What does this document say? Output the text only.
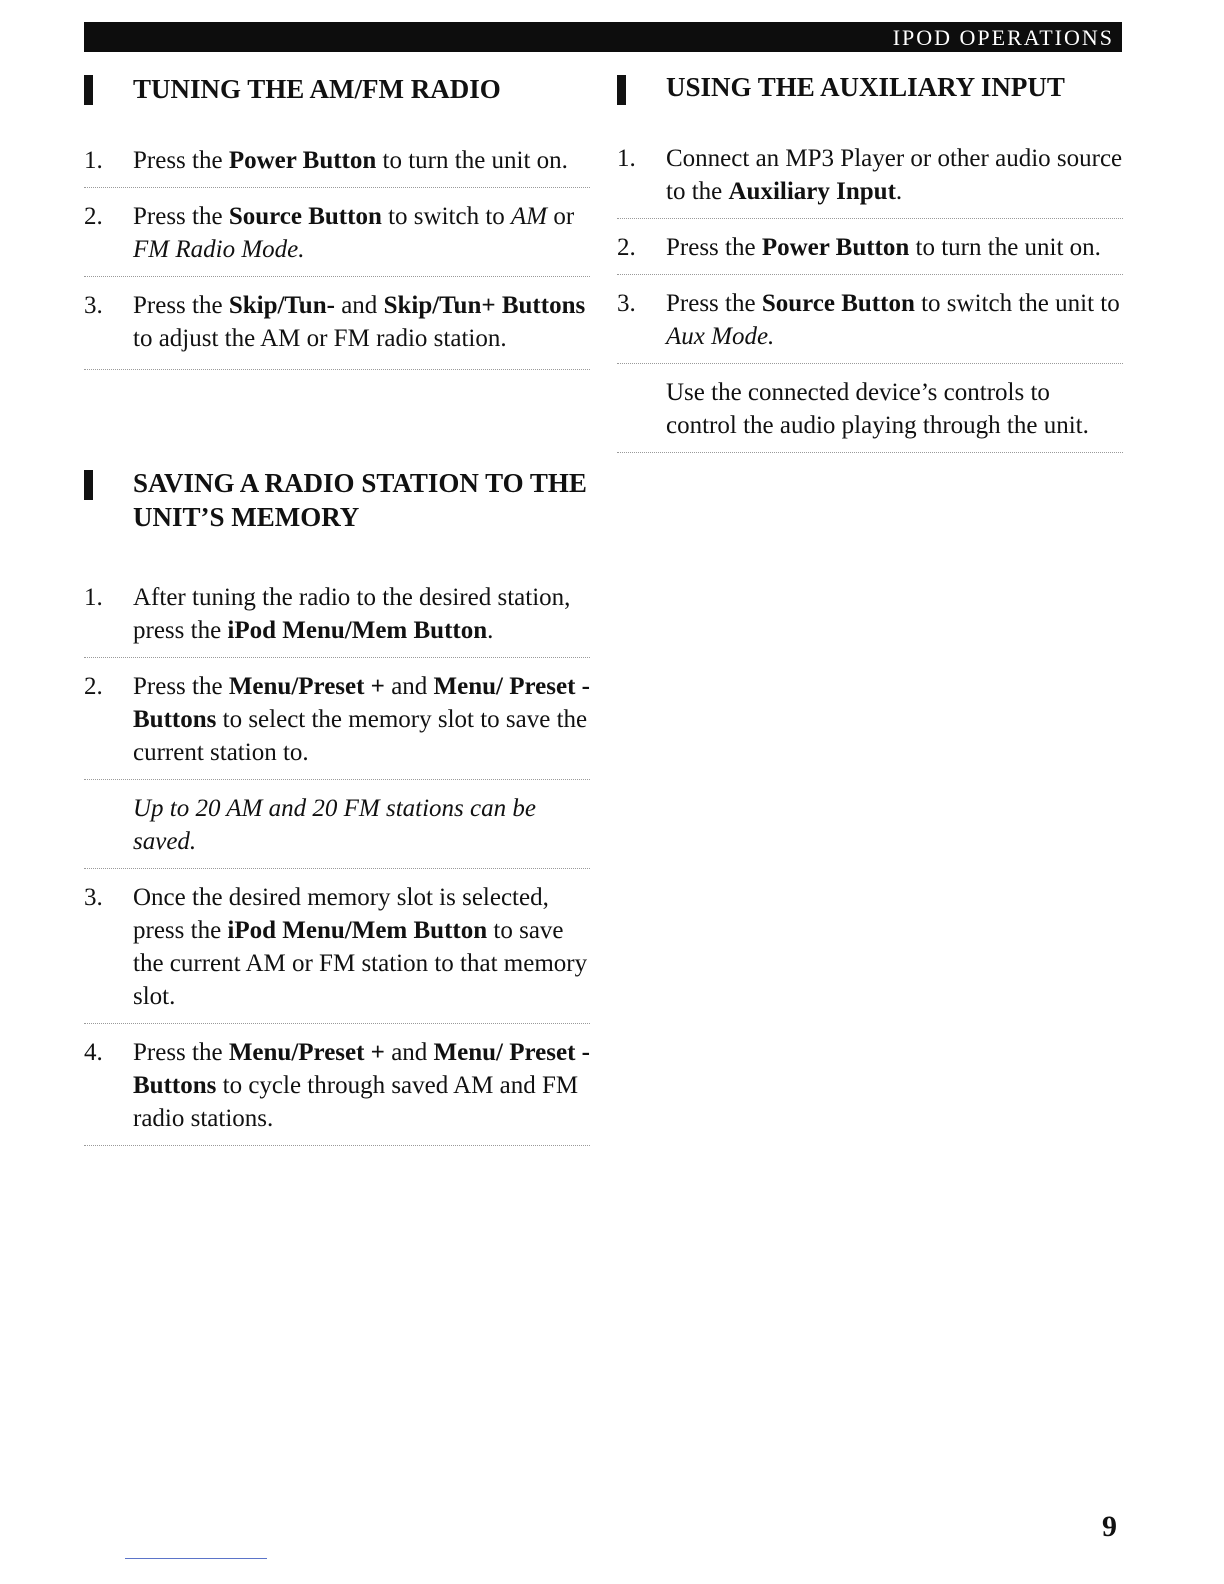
IPOD OPERATIONS
TUNING THE AM/FM RADIO
1. Press the Power Button to turn the unit on.
2. Press the Source Button to switch to AM or FM Radio Mode.
3. Press the Skip/Tun- and Skip/Tun+ Buttons to adjust the AM or FM radio station.
SAVING A RADIO STATION TO THE
UNIT’S MEMORY
1. After tuning the radio to the desired station, press the iPod Menu/Mem Button.
2. Press the Menu/Preset + and Menu/ Preset - Buttons to select the memory slot to save the current station to.
Up to 20 AM and 20 FM stations can be saved.
3. Once the desired memory slot is selected, press the iPod Menu/Mem Button to save the current AM or FM station to that memory slot.
4. Press the Menu/Preset + and Menu/ Preset - Buttons to cycle through saved AM and FM radio stations.
USING THE AUXILIARY INPUT
1. Connect an MP3 Player or other audio source to the Auxiliary Input.
2. Press the Power Button to turn the unit on.
3. Press the Source Button to switch the unit to Aux Mode.
Use the connected device’s controls to control the audio playing through the unit.
9
